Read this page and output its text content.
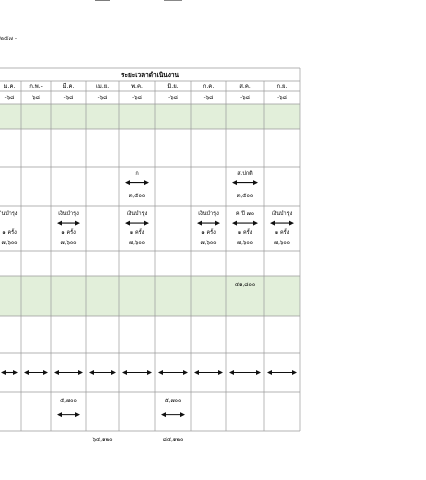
๒๕๗ -
ระยะเวลาดำเนินงาน
ม.ค.
-๖๘
ก.พ.-
๖๘
มี.ค.
-๖๘
เม.ย.
-๖๘
พ.ค.
-๖๘
มิ.ย.
-๖๘
ก.ค.
-๖๘
ส.ค.
-๖๘
ก.ย.
-๖๘
ก
๓,๕๐๐
ส.ปกติ
๓,๕๐๐
ินบำรุง
๑ ครั้ง
๗,๖๐๐
เงินบำรุง
๑ ครั้ง
๗,๖๐๐
เงินบำรุง
๑ ครั้ง
๗,๖๐๐
เงินบำรุง
๑ ครั้ง
๗,๖๐๐
ค ปี ๗๐
๑ ครั้ง
๗,๖๐๐
เงินบำรุง
๑ ครั้ง
๗,๖๐๐
๔๑,๘๐๐
๕,๗๐๐	๕,๗๐๐
๖๔,๑๒๐	๘๔,๑๒๐
